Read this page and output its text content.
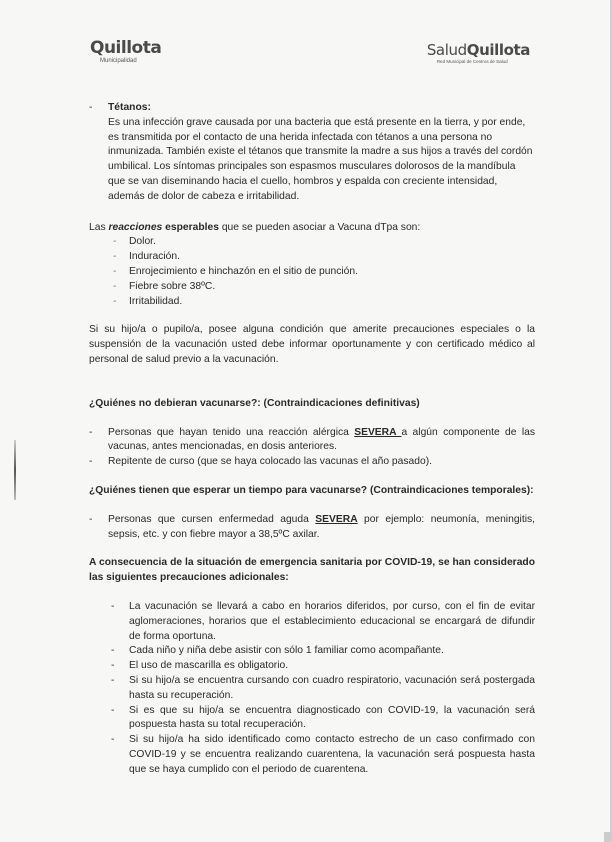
Quillota
Municipalidad
SaludQuillota
Red Municipal de Centros de Salud
- Tétanos:
Es una infección grave causada por una bacteria que está presente en la tierra, y por ende, es transmitida por el contacto de una herida infectada con tétanos a una persona no inmunizada. También existe el tétanos que transmite la madre a sus hijos a través del cordón umbilical. Los síntomas principales son espasmos musculares dolorosos de la mandíbula que se van diseminando hacia el cuello, hombros y espalda con creciente intensidad, además de dolor de cabeza e irritabilidad.
Las reacciones esperables que se pueden asociar a Vacuna dTpa son:
- Dolor.
- Induración.
- Enrojecimiento e hinchazón en el sitio de punción.
- Fiebre sobre 38ºC.
- Irritabilidad.
Si su hijo/a o pupilo/a, posee alguna condición que amerite precauciones especiales o la suspensión de la vacunación usted debe informar oportunamente y con certificado médico al personal de salud previo a la vacunación.
¿Quiénes no debieran vacunarse?: (Contraindicaciones definitivas)
- Personas que hayan tenido una reacción alérgica SEVERA a algún componente de las vacunas, antes mencionadas, en dosis anteriores.
- Repitente de curso (que se haya colocado las vacunas el año pasado).
¿Quiénes tienen que esperar un tiempo para vacunarse? (Contraindicaciones temporales):
- Personas que cursen enfermedad aguda SEVERA por ejemplo: neumonía, meningitis, sepsis, etc. y con fiebre mayor a 38,5ºC axilar.
A consecuencia de la situación de emergencia sanitaria por COVID-19, se han considerado las siguientes precauciones adicionales:
- La vacunación se llevará a cabo en horarios diferidos, por curso, con el fin de evitar aglomeraciones, horarios que el establecimiento educacional se encargará de difundir de forma oportuna.
- Cada niño y niña debe asistir con sólo 1 familiar como acompañante.
- El uso de mascarilla es obligatorio.
- Si su hijo/a se encuentra cursando con cuadro respiratorio, vacunación será postergada hasta su recuperación.
- Si es que su hijo/a se encuentra diagnosticado con COVID-19, la vacunación será pospuesta hasta su total recuperación.
- Si su hijo/a ha sido identificado como contacto estrecho de un caso confirmado con COVID-19 y se encuentra realizando cuarentena, la vacunación será pospuesta hasta que se haya cumplido con el periodo de cuarentena.
